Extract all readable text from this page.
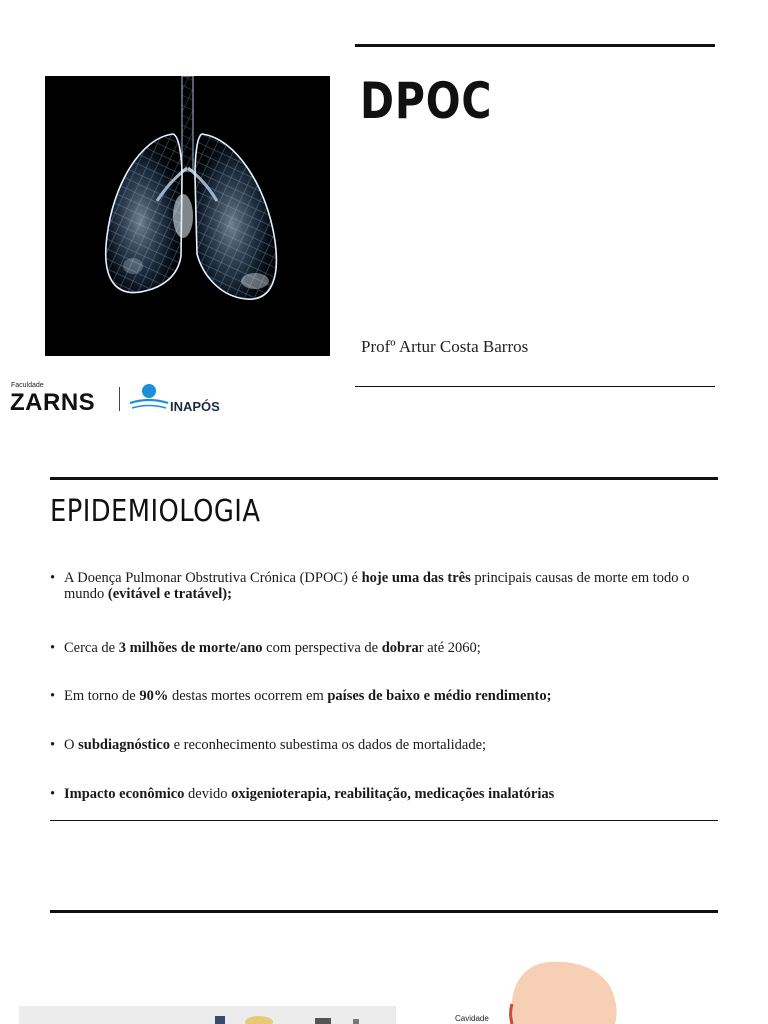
DPOC
Profº Artur Costa Barros
Faculdade
ZARNS	INAPÓS
EPIDEMIOLOGIA
• A Doença Pulmonar Obstrutiva Crónica (DPOC) é hoje uma das três principais causas de morte em todo o mundo (evitável e tratável);
• Cerca de 3 milhões de morte/ano com perspectiva de dobrar até 2060;
• Em torno de 90% destas mortes ocorrem em países de baixo e médio rendimento;
• O subdiagnóstico e reconhecimento subestima os dados de mortalidade;
• Impacto econômico devido oxigenioterapia, reabilitação, medicações inalatórias
Cavidade
